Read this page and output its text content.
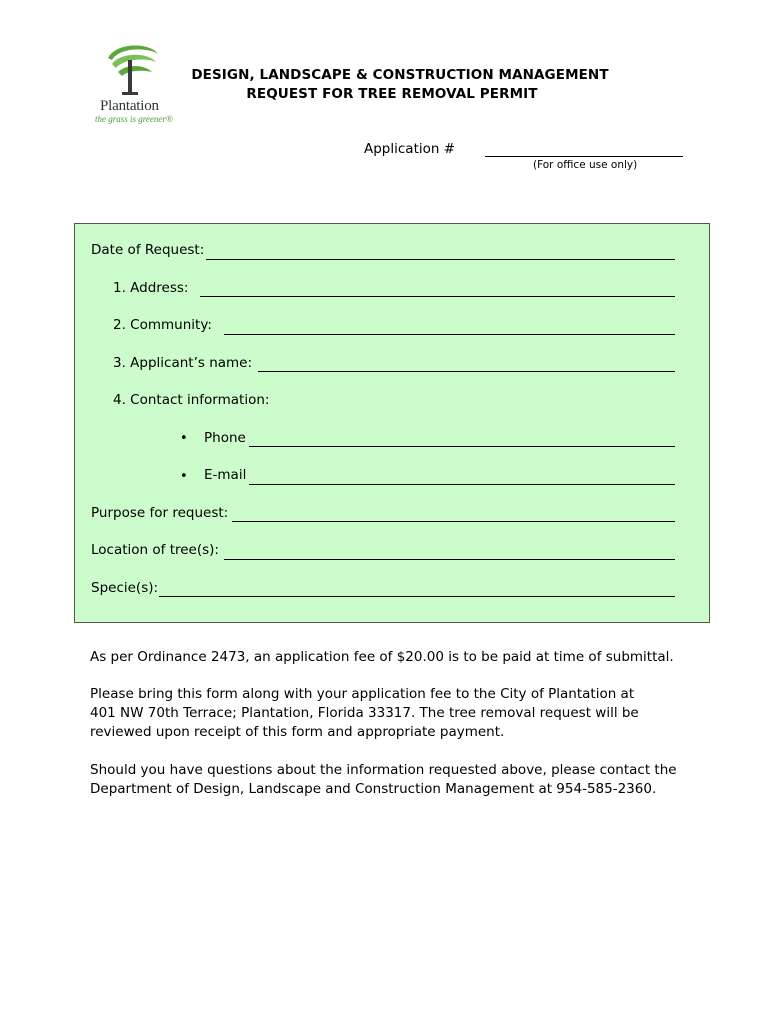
Plantation
the grass is greener®
DESIGN, LANDSCAPE & CONSTRUCTION MANAGEMENT
REQUEST FOR TREE REMOVAL PERMIT
Application #
(For office use only)
Date of Request:
1. Address:
2. Community:
3. Applicant’s name:
4. Contact information:
• Phone
• E-mail
Purpose for request:
Location of tree(s):
Specie(s):
As per Ordinance 2473, an application fee of $20.00 is to be paid at time of submittal.
Please bring this form along with your application fee to the City of Plantation at 401 NW 70th Terrace; Plantation, Florida 33317. The tree removal request will be reviewed upon receipt of this form and appropriate payment.
Should you have questions about the information requested above, please contact the Department of Design, Landscape and Construction Management at 954-585-2360.
